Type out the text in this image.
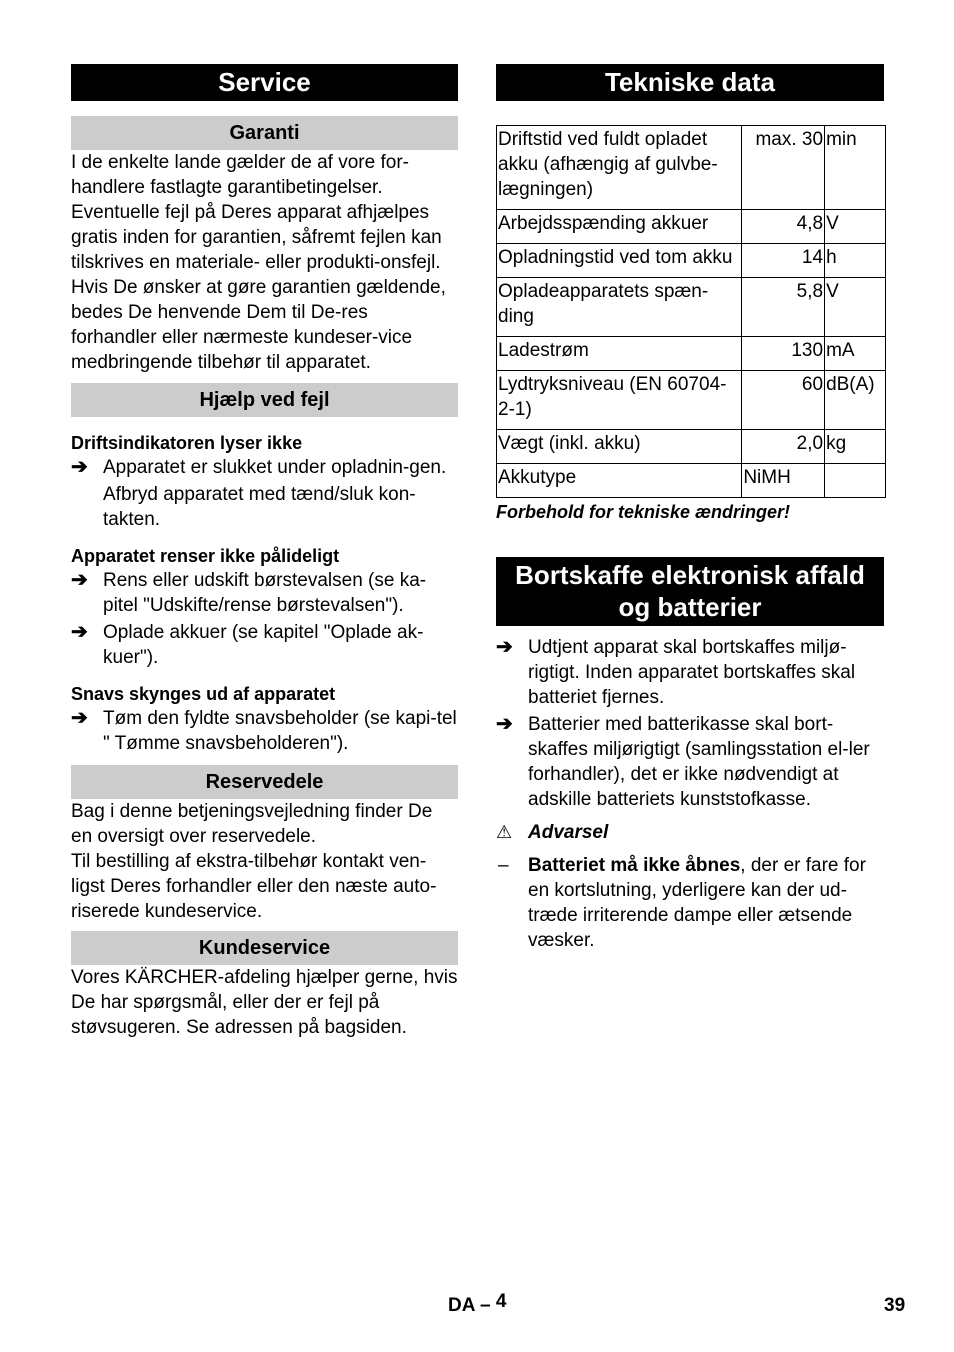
Service
Garanti

I de enkelte lande gælder de af vore for-handlere fastlagte garantibetingelser. Eventuelle fejl på Deres apparat afhjælpes gratis inden for garantien, såfremt fejlen kan tilskrives en materiale- eller produkti-onsfejl. Hvis De ønsker at gøre garantien gældende, bedes De henvende Dem til De-res forhandler eller nærmeste kundeser-vice medbringende tilbehør til apparatet.

Hjælp ved fejl
Driftsindikatoren lyser ikke
➔ Apparatet er slukket under opladnin-gen.
Afbryd apparatet med tænd/sluk kon-takten.
Apparatet renser ikke pålideligt
➔ Rens eller udskift børstevalsen (se ka-pitel "Udskifte/rense børstevalsen").
➔ Oplade akkuer (se kapitel "Oplade ak-kuer").
Snavs skynges ud af apparatet
➔ Tøm den fyldte snavsbeholder (se kapi-tel " Tømme snavsbeholderen").
Reservedele

Bag i denne betjeningsvejledning finder De en oversigt over reservedele.

Til bestilling af ekstra-tilbehør kontakt ven-ligst Deres forhandler eller den næste auto-riserede kundeservice.

Kundeservice

Vores KÄRCHER-afdeling hjælper gerne, hvis De har spørgsmål, eller der er fejl på støvsugeren. Se adressen på bagsiden.

Tekniske data
Driftstid ved fuldt opladet akku (afhængig af gulvbe-lægningen)	max. 30	min
Arbejdsspænding akkuer	4,8	V
Opladningstid ved tom akku	14	h
Opladeapparatets spæn-ding	5,8	V
Ladestrøm	130	mA
Lydtryksniveau (EN 60704-2-1)	60	dB(A)
Vægt (inkl. akku)	2,0	kg
Akkutype	NiMH	
Forbehold for tekniske ændringer!
Bortskaffe elektronisk affald
og batterier
➔ Udtjent apparat skal bortskaffes miljø-rigtigt. Inden apparatet bortskaffes skal batteriet fjernes.
➔ Batterier med batterikasse skal bort-skaffes miljørigtigt (samlingsstation el-ler forhandler), det er ikke nødvendigt at adskille batteriets kunststofkasse.
⚠ Advarsel
– Batteriet må ikke åbnes, der er fare for en kortslutning, yderligere kan der ud-træde irriterende dampe eller ætsende væsker.
DA – 4	39
